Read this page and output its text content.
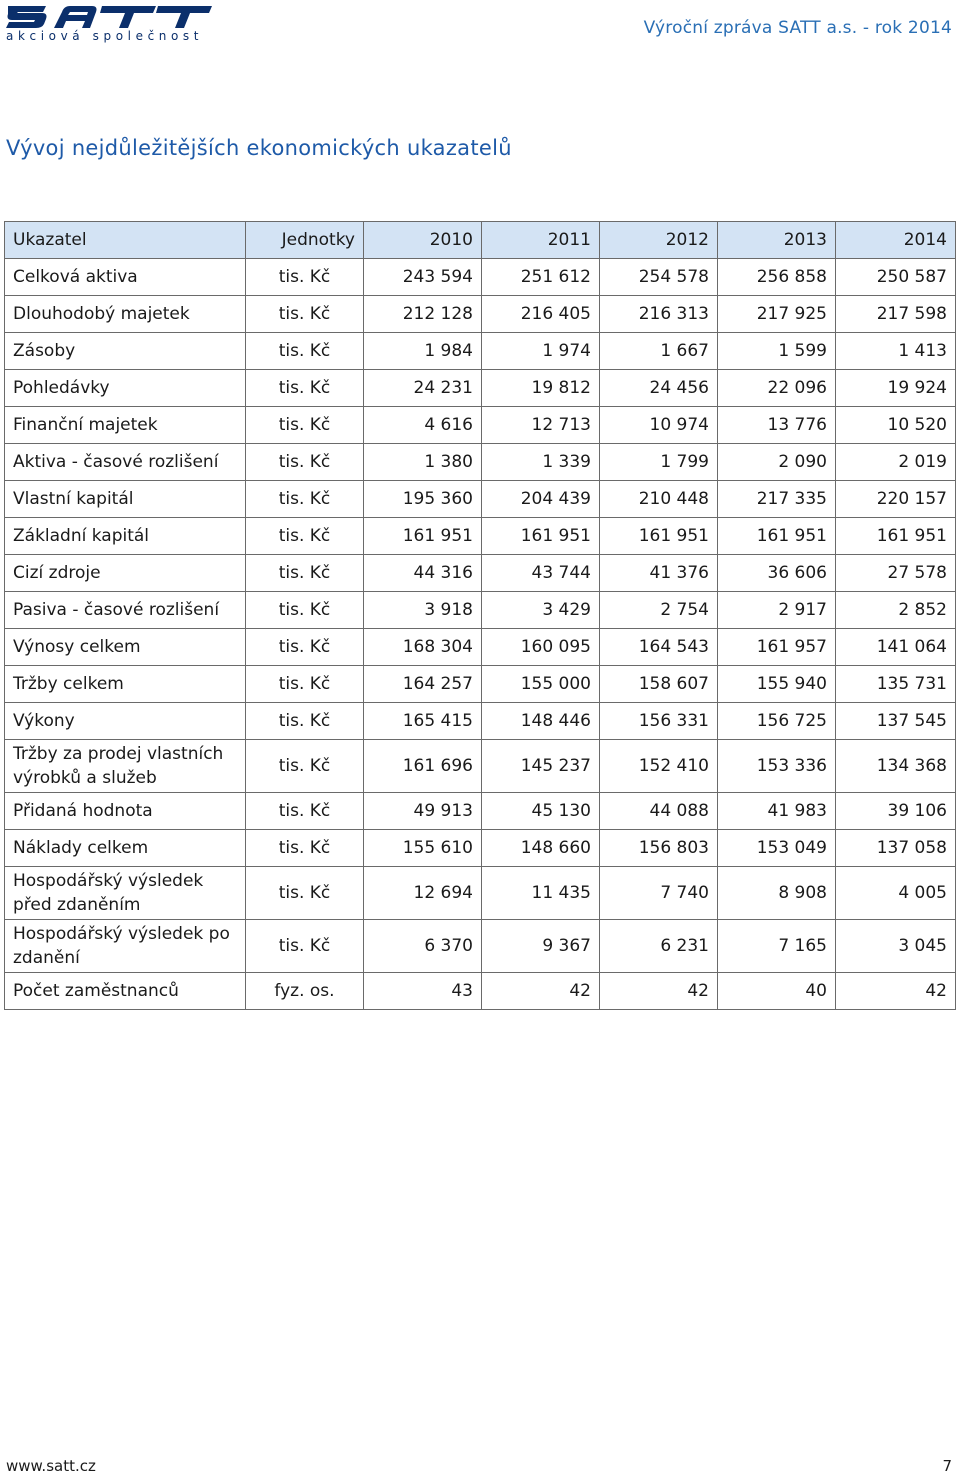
akciová společnost	Výroční zpráva SATT a.s. - rok 2014
Vývoj nejdůležitějších ekonomických ukazatelů
Ukazatel	Jednotky	2010	2011	2012	2013	2014
Celková aktiva	tis. Kč	243 594	251 612	254 578	256 858	250 587
Dlouhodobý majetek	tis. Kč	212 128	216 405	216 313	217 925	217 598
Zásoby	tis. Kč	1 984	1 974	1 667	1 599	1 413
Pohledávky	tis. Kč	24 231	19 812	24 456	22 096	19 924
Finanční majetek	tis. Kč	4 616	12 713	10 974	13 776	10 520
Aktiva - časové rozlišení	tis. Kč	1 380	1 339	1 799	2 090	2 019
Vlastní kapitál	tis. Kč	195 360	204 439	210 448	217 335	220 157
Základní kapitál	tis. Kč	161 951	161 951	161 951	161 951	161 951
Cizí zdroje	tis. Kč	44 316	43 744	41 376	36 606	27 578
Pasiva - časové rozlišení	tis. Kč	3 918	3 429	2 754	2 917	2 852
Výnosy celkem	tis. Kč	168 304	160 095	164 543	161 957	141 064
Tržby celkem	tis. Kč	164 257	155 000	158 607	155 940	135 731
Výkony	tis. Kč	165 415	148 446	156 331	156 725	137 545
Tržby za prodej vlastních výrobků a služeb	tis. Kč	161 696	145 237	152 410	153 336	134 368
Přidaná hodnota	tis. Kč	49 913	45 130	44 088	41 983	39 106
Náklady celkem	tis. Kč	155 610	148 660	156 803	153 049	137 058
Hospodářský výsledek před zdaněním	tis. Kč	12 694	11 435	7 740	8 908	4 005
Hospodářský výsledek po zdanění	tis. Kč	6 370	9 367	6 231	7 165	3 045
Počet zaměstnanců	fyz. os.	43	42	42	40	42
www.satt.cz	7
